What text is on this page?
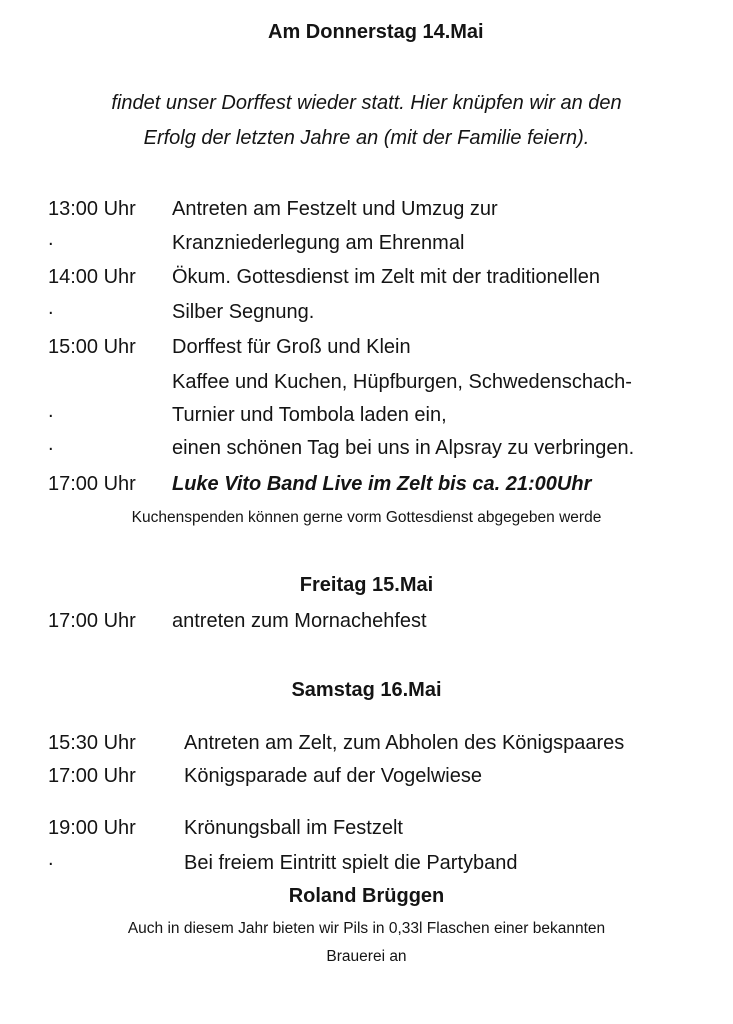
Am Donnerstag 14.Mai
findet unser Dorffest wieder statt. Hier knüpfen wir an den
Erfolg der letzten Jahre an (mit der Familie feiern).
13:00 Uhr Antreten am Festzelt und Umzug zur
.	Kranzniederlegung am Ehrenmal
14:00 Uhr Ökum. Gottesdienst im Zelt mit der traditionellen
.	Silber Segnung.
15:00 Uhr Dorffest für Groß und Klein
Kaffee und Kuchen, Hüpfburgen, Schwedenschach-
.	Turnier und Tombola laden ein,
.	einen schönen Tag bei uns in Alpsray zu verbringen.
17:00 Uhr Luke Vito Band Live im Zelt bis ca. 21:00Uhr
Kuchenspenden können gerne vorm Gottesdienst abgegeben werde
Freitag 15.Mai
17:00 Uhr antreten zum Mornachehfest
Samstag 16.Mai
15:30 Uhr Antreten am Zelt, zum Abholen des Königspaares
17:00 Uhr Königsparade auf der Vogelwiese
19:00 Uhr Krönungsball im Festzelt
.	Bei freiem Eintritt spielt die Partyband
Roland Brüggen
Auch in diesem Jahr bieten wir Pils in 0,33l Flaschen einer bekannten
Brauerei an
